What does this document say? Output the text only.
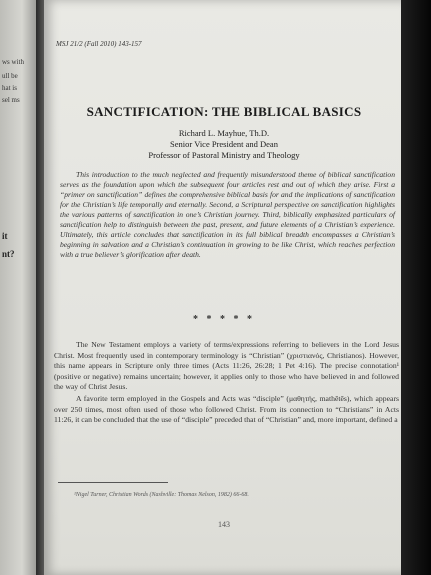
ws with
ull be
hat is
sel ms
it
nt?
MSJ 21/2 (Fall 2010) 143-157
SANCTIFICATION: THE BIBLICAL BASICS
Richard L. Mayhue, Th.D.
Senior Vice President and Dean
Professor of Pastoral Ministry and Theology

This introduction to the much neglected and frequently misunderstood theme of biblical sanctification serves as the foundation upon which the subsequent four articles rest and out of which they arise. First a “primer on sanctification” defines the comprehensive biblical basis for and the implications of sanctification for the Christian’s life temporally and eternally. Second, a Scriptural perspective on sanctification highlights the various patterns of sanctification in one’s Christian journey. Third, biblically emphasized particulars of sanctification help to distinguish between the past, present, and future elements of a Christian’s experience. Ultimately, this article concludes that sanctification in its full biblical breadth encompasses a Christian’s beginning in salvation and a Christian’s continuation in growing to be like Christ, which reaches perfection with a true believer’s glorification after death.

* * * * *

The New Testament employs a variety of terms/expressions referring to believers in the Lord Jesus Christ. Most frequently used in contemporary terminology is “Christian” (χριστιανός, Christianos). However, this name appears in Scripture only three times (Acts 11:26, 26:28; 1 Pet 4:16). The precise connotation¹ (positive or negative) remains uncertain; however, it applies only to those who have believed in and followed the way of Christ Jesus.

A favorite term employed in the Gospels and Acts was “disciple” (μαθητής, mathētēs), which appears over 250 times, most often used of those who followed Christ. From its connection to “Christians” in Acts 11:26, it can be concluded that the use of “disciple” preceded that of “Christian” and, more important, defined a

¹Nigel Turner, Christian Words (Nashville: Thomas Nelson, 1982) 66-68.
143
